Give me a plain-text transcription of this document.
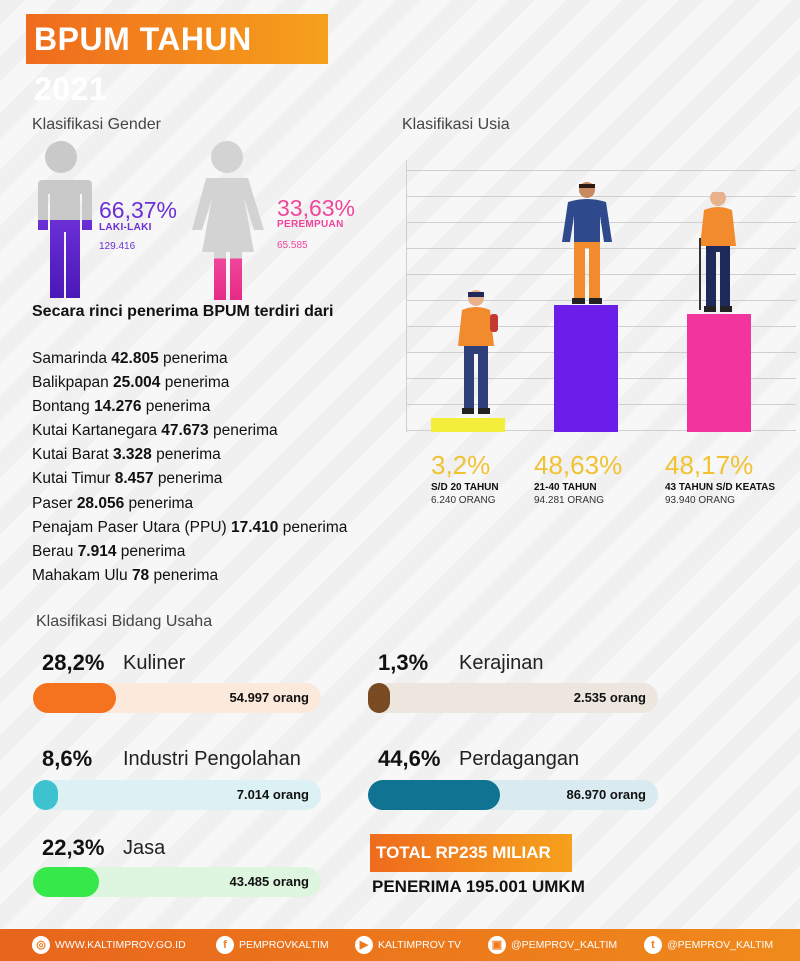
BPUM TAHUN 2021
Klasifikasi Gender
66,37%
LAKI-LAKI
129.416
33,63%
PEREMPUAN
65.585
Secara rinci penerima BPUM terdiri dari
Samarinda 42.805 penerima
Balikpapan 25.004 penerima
Bontang 14.276 penerima
Kutai Kartanegara 47.673 penerima
Kutai Barat 3.328 penerima
Kutai Timur 8.457 penerima
Paser 28.056 penerima
Penajam Paser Utara (PPU) 17.410 penerima
Berau 7.914 penerima
Mahakam Ulu 78 penerima
Klasifikasi Usia
3,2%
S/D 20 TAHUN
6.240 ORANG
48,63%
21-40 TAHUN
94.281 ORANG
48,17%
43 TAHUN S/D KEATAS
93.940 ORANG
Klasifikasi Bidang Usaha
28,2% Kuliner
54.997 orang
1,3% Kerajinan
2.535 orang
8,6% Industri Pengolahan
7.014 orang
44,6% Perdagangan
86.970 orang
22,3% Jasa
43.485 orang
TOTAL RP235 MILIAR
PENERIMA 195.001 UMKM
◎ WWW.KALTIMPROV.GO.ID	f PEMPROVKALTIM	▶ KALTIMPROV TV	▣ @PEMPROV_KALTIM	t @PEMPROV_KALTIM
